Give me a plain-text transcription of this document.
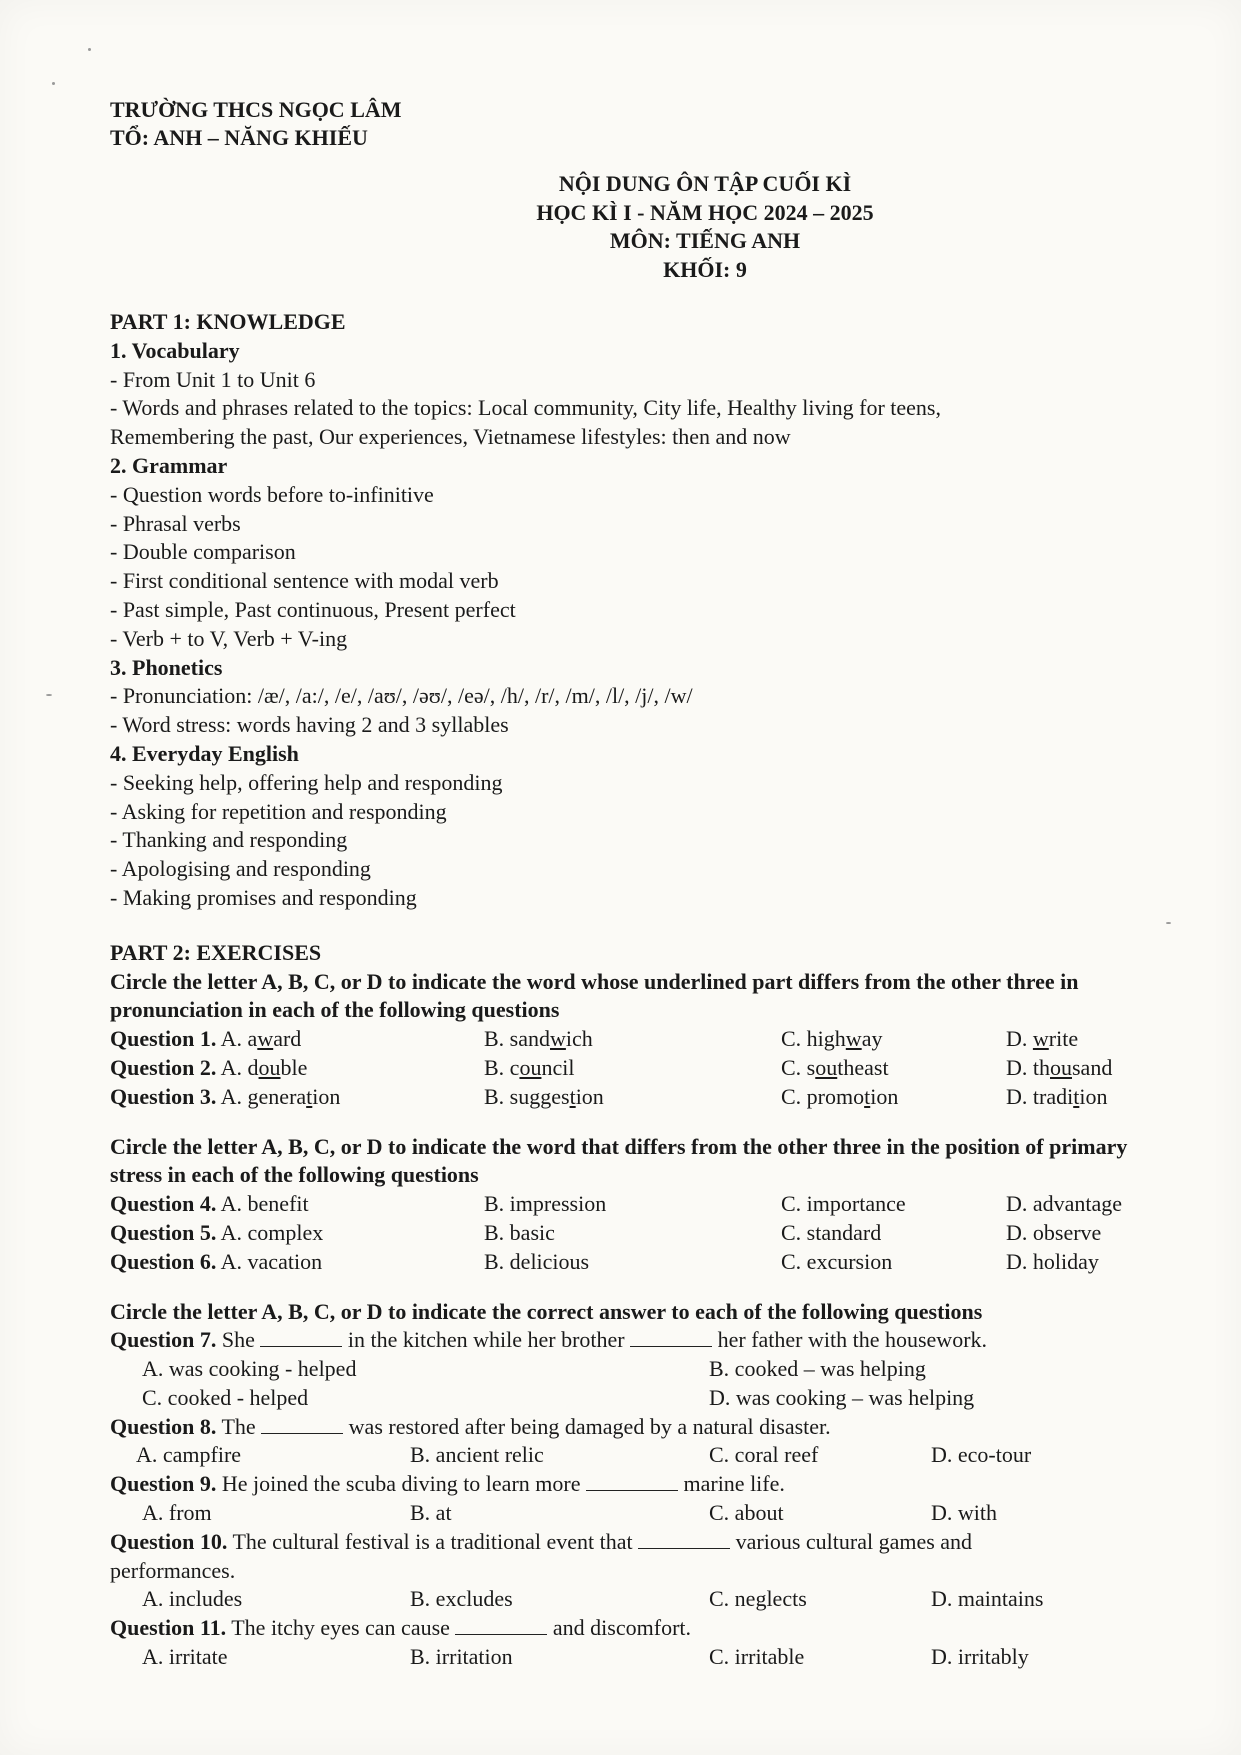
TRƯỜNG THCS NGỌC LÂM
TỔ: ANH – NĂNG KHIẾU
NỘI DUNG ÔN TẬP CUỐI KÌ
HỌC KÌ I - NĂM HỌC 2024 – 2025
MÔN: TIẾNG ANH
KHỐI: 9
PART 1: KNOWLEDGE
1. Vocabulary
- From Unit 1 to Unit 6
- Words and phrases related to the topics: Local community, City life, Healthy living for teens,
Remembering the past, Our experiences, Vietnamese lifestyles: then and now
2. Grammar
- Question words before to-infinitive
- Phrasal verbs
- Double comparison
- First conditional sentence with modal verb
- Past simple, Past continuous, Present perfect
- Verb + to V, Verb + V-ing
3. Phonetics
- Pronunciation: /æ/, /a:/, /e/, /aʊ/, /əʊ/, /eə/, /h/, /r/, /m/, /l/, /j/, /w/
- Word stress: words having 2 and 3 syllables
4. Everyday English
- Seeking help, offering help and responding
- Asking for repetition and responding
- Thanking and responding
- Apologising and responding
- Making promises and responding
PART 2: EXERCISES
Circle the letter A, B, C, or D to indicate the word whose underlined part differs from the other three in pronunciation in each of the following questions
Question 1. A. award	B. sandwich	C. highway	D. write
Question 2. A. double	B. council	C. southeast	D. thousand
Question 3. A. generation	B. suggestion	C. promotion	D. tradition
Circle the letter A, B, C, or D to indicate the word that differs from the other three in the position of primary stress in each of the following questions
Question 4. A. benefit	B. impression	C. importance	D. advantage
Question 5. A. complex	B. basic	C. standard	D. observe
Question 6. A. vacation	B. delicious	C. excursion	D. holiday
Circle the letter A, B, C, or D to indicate the correct answer to each of the following questions
Question 7. She	in the kitchen while her brother	her father with the housework.
A. was cooking - helped	B. cooked – was helping
C. cooked - helped	D. was cooking – was helping
Question 8. The	was restored after being damaged by a natural disaster.
A. campfire	B. ancient relic	C. coral reef	D. eco-tour
Question 9. He joined the scuba diving to learn more	marine life.
A. from	B. at	C. about	D. with
Question 10. The cultural festival is a traditional event that	various cultural games and
performances.
A. includes	B. excludes	C. neglects	D. maintains
Question 11. The itchy eyes can cause	and discomfort.
A. irritate	B. irritation	C. irritable	D. irritably
